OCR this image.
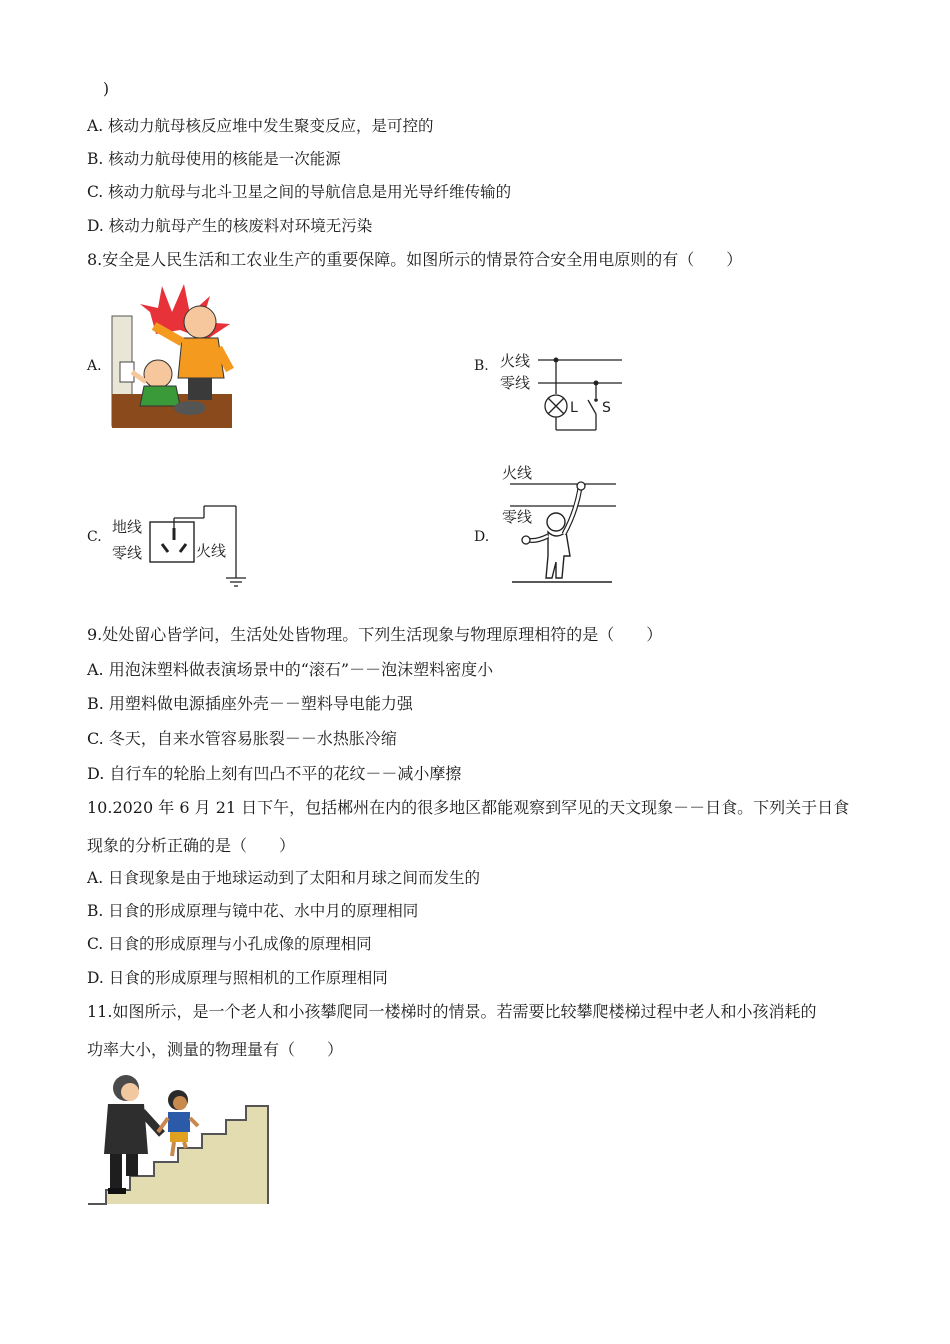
)
A. 核动力航母核反应堆中发生聚变反应，是可控的
B. 核动力航母使用的核能是一次能源
C. 核动力航母与北斗卫星之间的导航信息是用光导纤维传输的
D. 核动力航母产生的核废料对环境无污染
8.安全是人民生活和工农业生产的重要保障。如图所示的情景符合安全用电原则的有（　　）
A.	B. 火线
零线
L S
C.
地线
零线	火线
D.
火线
零线
9.处处留心皆学问，生活处处皆物理。下列生活现象与物理原理相符的是（　　）
A. 用泡沫塑料做表演场景中的“滚石”－－泡沫塑料密度小
B. 用塑料做电源插座外壳－－塑料导电能力强
C. 冬天，自来水管容易胀裂－－水热胀冷缩
D. 自行车的轮胎上刻有凹凸不平的花纹－－减小摩擦
10.2020 年 6 月 21 日下午，包括郴州在内的很多地区都能观察到罕见的天文现象－－日食。下列关于日食
现象的分析正确的是（　　）
A. 日食现象是由于地球运动到了太阳和月球之间而发生的
B. 日食的形成原理与镜中花、水中月的原理相同
C. 日食的形成原理与小孔成像的原理相同
D. 日食的形成原理与照相机的工作原理相同
11.如图所示，是一个老人和小孩攀爬同一楼梯时的情景。若需要比较攀爬楼梯过程中老人和小孩消耗的
功率大小，测量的物理量有（　　）
